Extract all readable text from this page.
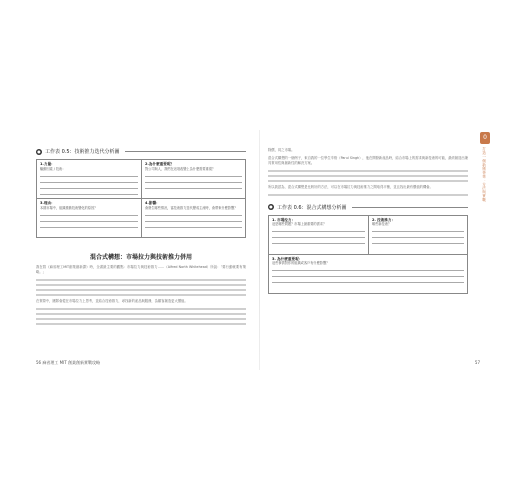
● 工作表 0.5：技術推力迭代分析圖
1.力量：
驅動因素 / 技術：
2.為什麼重要呢？
對公司與人，我們在這項改變上為什麼需要重視？
3.理由：
本期市場中，組織推動技術變化的原因？
4.影響：
會發生哪些情況，當技術推力迭代變成主流時，會帶來什麼影響？
混合式構想：市場拉力與技術推力併用
我在寫《麻省理工MIT創業創新課》時，全書最主要的觀點：市場拉力與技術推力……（Alfred North Whitehead）所說：「要行動就要有策略。」
在實際中，團隊會從在市場拉力上思考，並結合技術推力，尋找新的產品與服務，為顧客創造更大價值。
除價，同之市場。
混合式構想的一個例子，來自我的一位學生辛格（Parul Singh），他在開發新產品時，結合市場上的需求與新技術的可能，最終創造出兼具實用性與創新性的解決方案。
所以我認為，混合式構想是比較好的方法，可以在市場拉力與技術推力之間取得平衡，並且找出最有價值的機會。
● 工作表 0.6：混合式構想分析圖
1. 市場拉力：
這是哪些問題？市場上最重要的需求？
2. 技術推力：
哪些新技術？
3. 為什麼重要呢：
這些事情對你的組織或客戶有什麼影響？
0
打造一個新創事業：方法與實戰
56 麻省理工 MIT 創業創新實戰攻略	57
